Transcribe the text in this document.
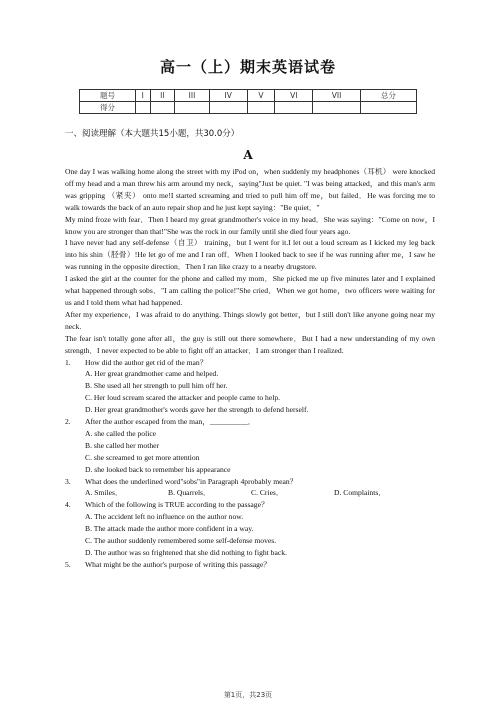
高一（上）期末英语试卷
题号	I	II	III	IV	V	VI	VII	总分
得分								
一、阅读理解（本大题共15小题，共30.0分）
A

One day I was walking home along the street with my iPod on，when suddenly my headphones（耳机） were knocked off my head and a man threw his arm around my neck，saying"Just be quiet. "I was being attacked，and this man's arm was gripping （紧夹） onto me!I started screaming and tried to pull him off me，but failed．He was forcing me to walk towards the back of an auto repair shop and he just kept saying："Be quiet．"

My mind froze with fear．Then I heard my great grandmother's voice in my head．She was saying："Come on now，I know you are stronger than that!"She was the rock in our family until she died four years ago.

I have never had any self-defense（自卫） training，but I went for it.I let out a loud scream as I kicked my leg back into his shin（胫骨）!He let go of me and I ran off．When I looked back to see if he was running after me，I saw he was running in the opposite direction．Then I ran like crazy to a nearby drugstore.

I asked the girl at the counter for the phone and called my mom．She picked me up five minutes later and I explained what happened through sobs．"I am calling the police!"She cried．When we got home，two officers were waiting for us and I told them what had happened.

After my experience，I was afraid to do anything. Things slowly got better，but I still don't like anyone going near my neck.

The fear isn't totally gone after all，the guy is still out there somewhere．But I had a new understanding of my own strength．I never expected to be able to fight off an attacker．I am stronger than I realized.

1.	How did the author get rid of the man？

A. Her great grandmother came and helped.

B. She used all her strength to pull him off her.

C. Her loud scream scared the attacker and people came to help.

D. Her great grandmother's words gave her the strength to defend herself.

2.	After the author escaped from the man，__________．

A. she called the police

B. she called her mother

C. she screamed to get more attention

D. she looked back to remember his appearance

3.	What does the underlined word"sobs"in Paragraph 4probably mean？
A. Smiles．	B. Quarrels．	C. Cries．	D. Complaints．
4.	Which of the following is TRUE according to the passage？

A. The accident left no influence on the author now.

B. The attack made the author more confident in a way.

C. The author suddenly remembered some self-defense moves.

D. The author was so frightened that she did nothing to fight back.

5.	What might be the author's purpose of writing this passage？
第1页，共23页
